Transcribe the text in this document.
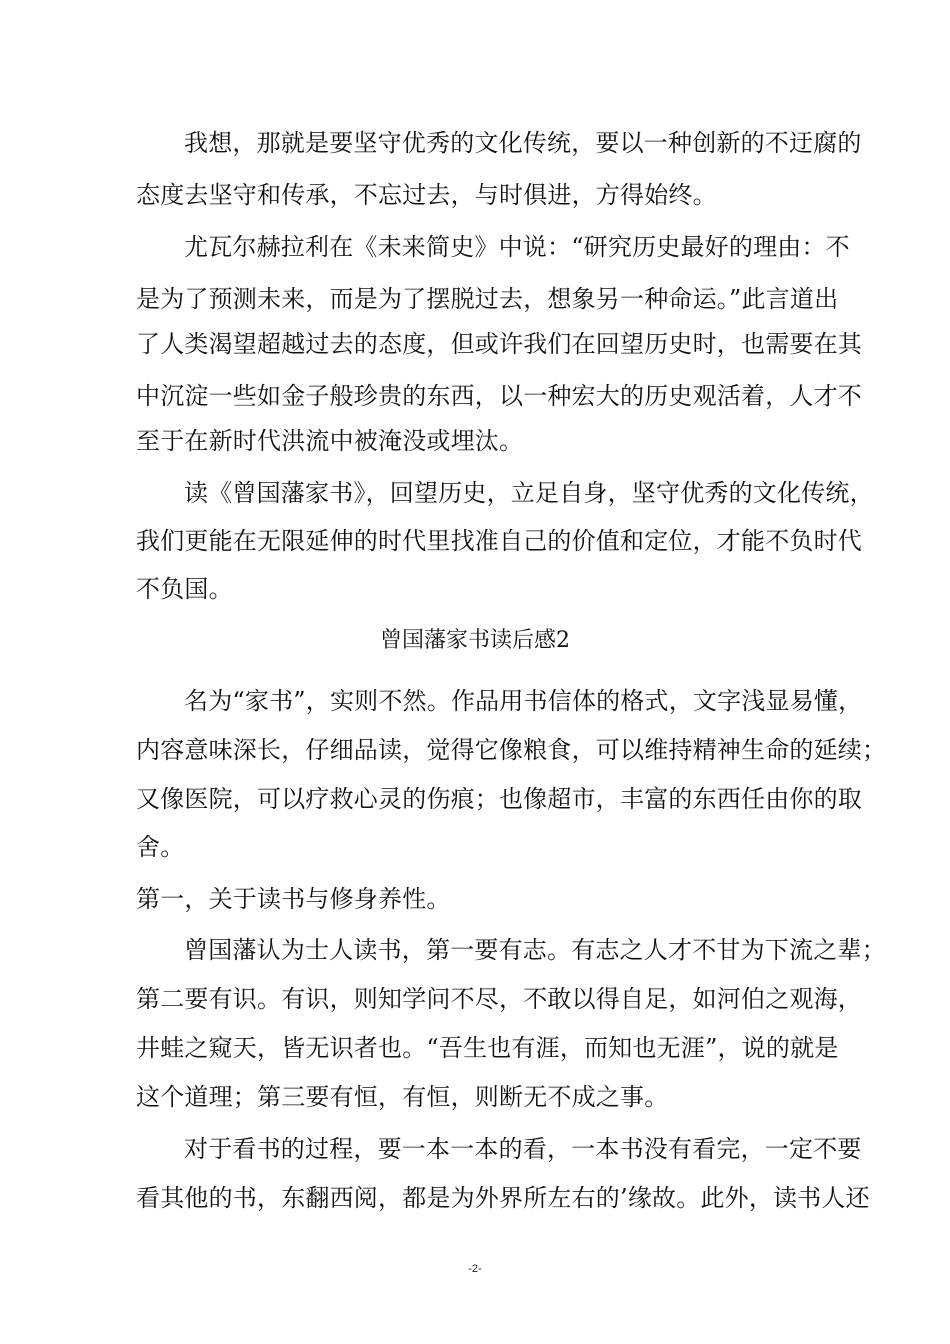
我想，那就是要坚守优秀的文化传统，要以一种创新的不迂腐的
态度去坚守和传承，不忘过去，与时俱进，方得始终。
尤瓦尔赫拉利在《未来简史》中说：“研究历史最好的理由：不
是为了预测未来，而是为了摆脱过去，想象另一种命运。”此言道出
了人类渴望超越过去的态度，但或许我们在回望历史时，也需要在其
中沉淀一些如金子般珍贵的东西，以一种宏大的历史观活着，人才不
至于在新时代洪流中被淹没或埋汰。
读《曾国藩家书》，回望历史，立足自身，坚守优秀的文化传统，
我们更能在无限延伸的时代里找准自己的价值和定位，才能不负时代
不负国。
曾国藩家书读后感2
名为“家书”，实则不然。作品用书信体的格式，文字浅显易懂，
内容意味深长，仔细品读，觉得它像粮食，可以维持精神生命的延续；
又像医院，可以疗救心灵的伤痕；也像超市，丰富的东西任由你的取
舍。
第一，关于读书与修身养性。
曾国藩认为士人读书，第一要有志。有志之人才不甘为下流之辈；
第二要有识。有识，则知学问不尽，不敢以得自足，如河伯之观海，
井蛙之窥天，皆无识者也。“吾生也有涯，而知也无涯”，说的就是
这个道理；第三要有恒，有恒，则断无不成之事。
对于看书的过程，要一本一本的看，一本书没有看完，一定不要
看其他的书，东翻西阅，都是为外界所左右的’缘故。此外，读书人还
-2-
